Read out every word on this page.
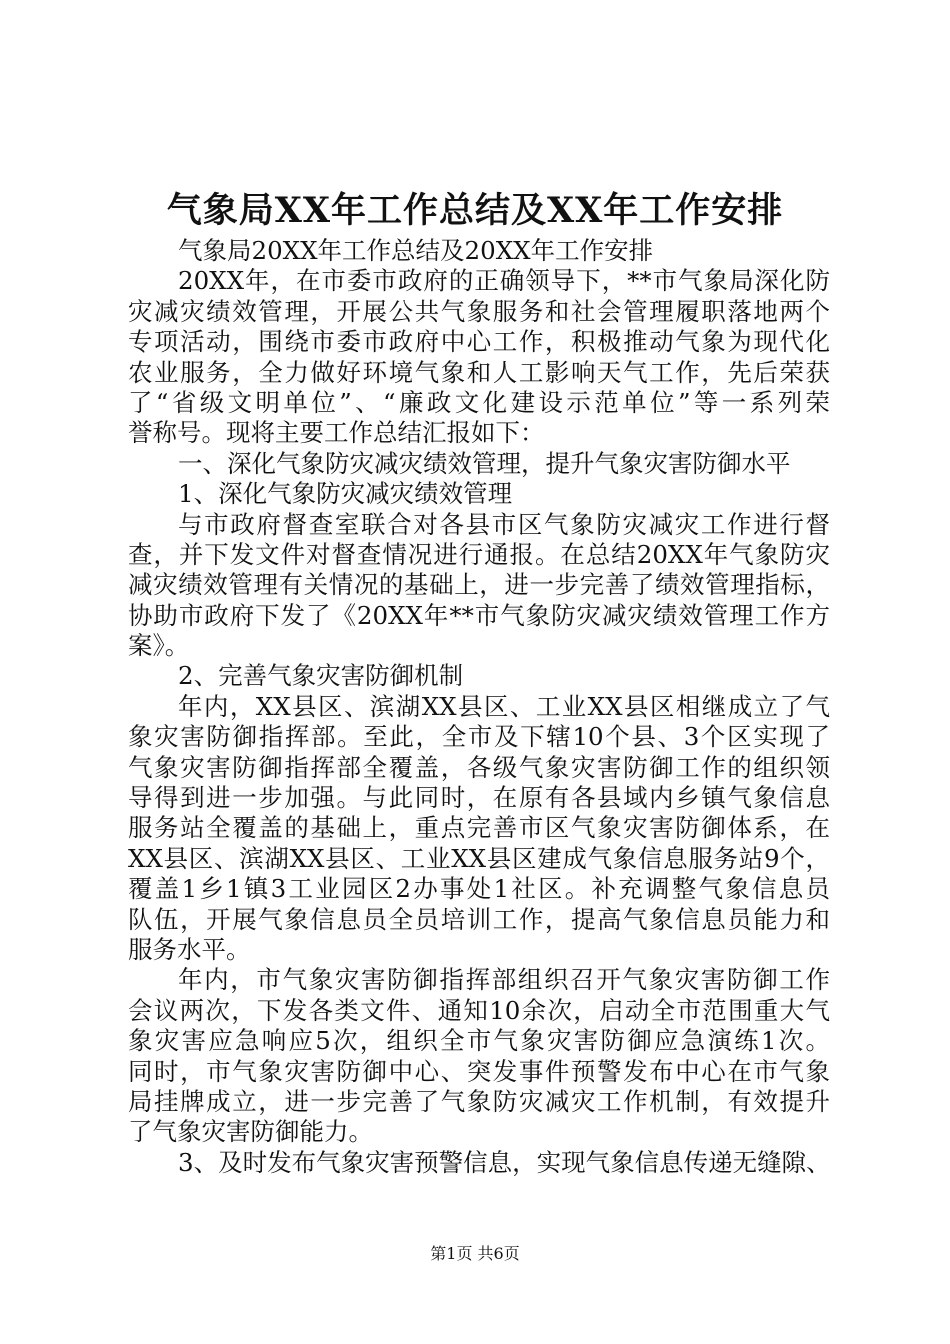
气象局XX年工作总结及XX年工作安排
气象局20XX年工作总结及20XX年工作安排
20XX年，在市委市政府的正确领导下，**市气象局深化防
灾减灾绩效管理，开展公共气象服务和社会管理履职落地两个
专项活动，围绕市委市政府中心工作，积极推动气象为现代化
农业服务，全力做好环境气象和人工影响天气工作，先后荣获
了“省级文明单位”、“廉政文化建设示范单位”等一系列荣
誉称号。现将主要工作总结汇报如下：
一、深化气象防灾减灾绩效管理，提升气象灾害防御水平
1、深化气象防灾减灾绩效管理
与市政府督查室联合对各县市区气象防灾减灾工作进行督
查，并下发文件对督查情况进行通报。在总结20XX年气象防灾
减灾绩效管理有关情况的基础上，进一步完善了绩效管理指标，
协助市政府下发了《20XX年**市气象防灾减灾绩效管理工作方
案》。
2、完善气象灾害防御机制
年内，XX县区、滨湖XX县区、工业XX县区相继成立了气
象灾害防御指挥部。至此，全市及下辖10个县、3个区实现了
气象灾害防御指挥部全覆盖，各级气象灾害防御工作的组织领
导得到进一步加强。与此同时，在原有各县域内乡镇气象信息
服务站全覆盖的基础上，重点完善市区气象灾害防御体系，在
XX县区、滨湖XX县区、工业XX县区建成气象信息服务站9个，
覆盖1乡1镇3工业园区2办事处1社区。补充调整气象信息员
队伍，开展气象信息员全员培训工作，提高气象信息员能力和
服务水平。
年内，市气象灾害防御指挥部组织召开气象灾害防御工作
会议两次，下发各类文件、通知10余次，启动全市范围重大气
象灾害应急响应5次，组织全市气象灾害防御应急演练1次。
同时，市气象灾害防御中心、突发事件预警发布中心在市气象
局挂牌成立，进一步完善了气象防灾减灾工作机制，有效提升
了气象灾害防御能力。
3、及时发布气象灾害预警信息，实现气象信息传递无缝隙、
第1页 共6页
